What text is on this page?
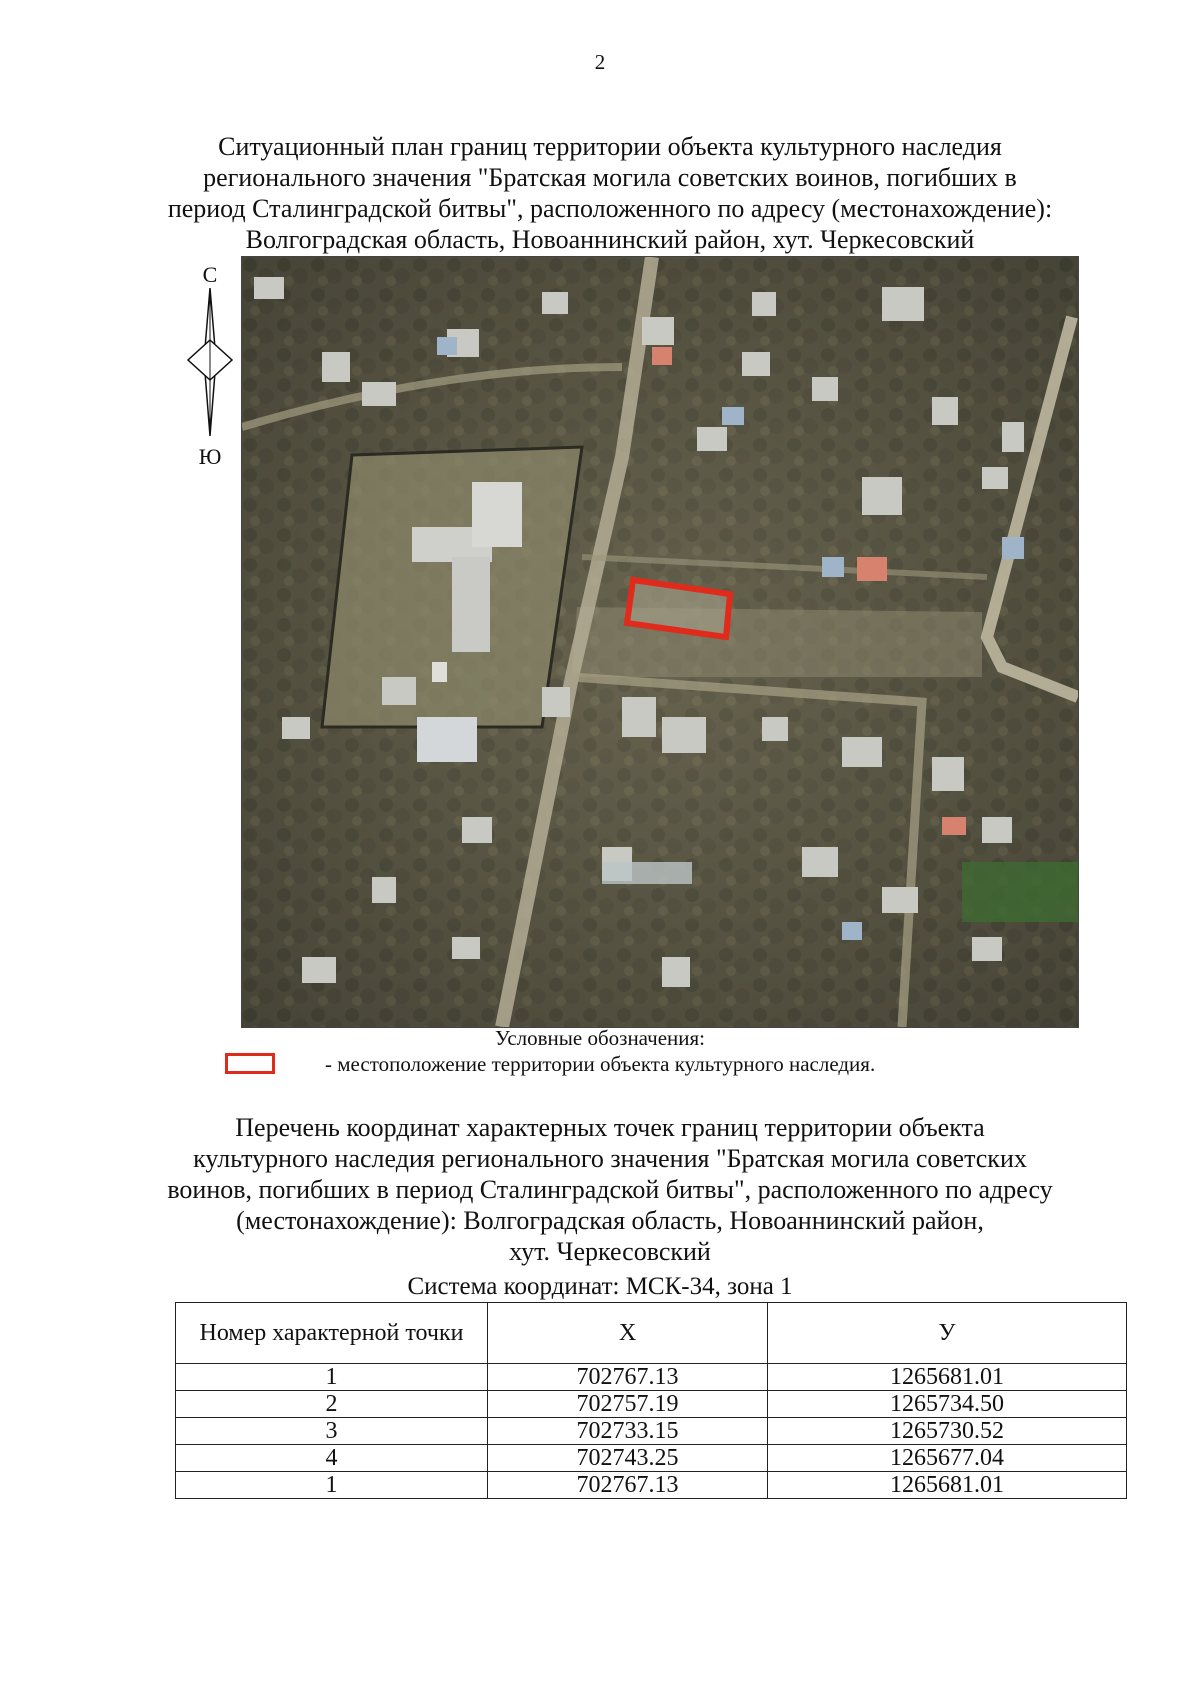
2
Ситуационный план границ территории объекта культурного наследия
регионального значения "Братская могила советских воинов, погибших в
период Сталинградской битвы", расположенного по адресу (местонахождение):
Волгоградская область, Новоаннинский район, хут. Черкесовский
С
Ю
Условные обозначения:
- местоположение территории объекта культурного наследия.
Перечень координат характерных точек границ территории объекта
культурного наследия регионального значения "Братская могила советских
воинов, погибших в период Сталинградской битвы", расположенного по адресу
(местонахождение): Волгоградская область, Новоаннинский район,
хут. Черкесовский
Система координат: МСК-34, зона 1
Номер характерной точки	Х	У
1	702767.13	1265681.01
2	702757.19	1265734.50
3	702733.15	1265730.52
4	702743.25	1265677.04
1	702767.13	1265681.01
